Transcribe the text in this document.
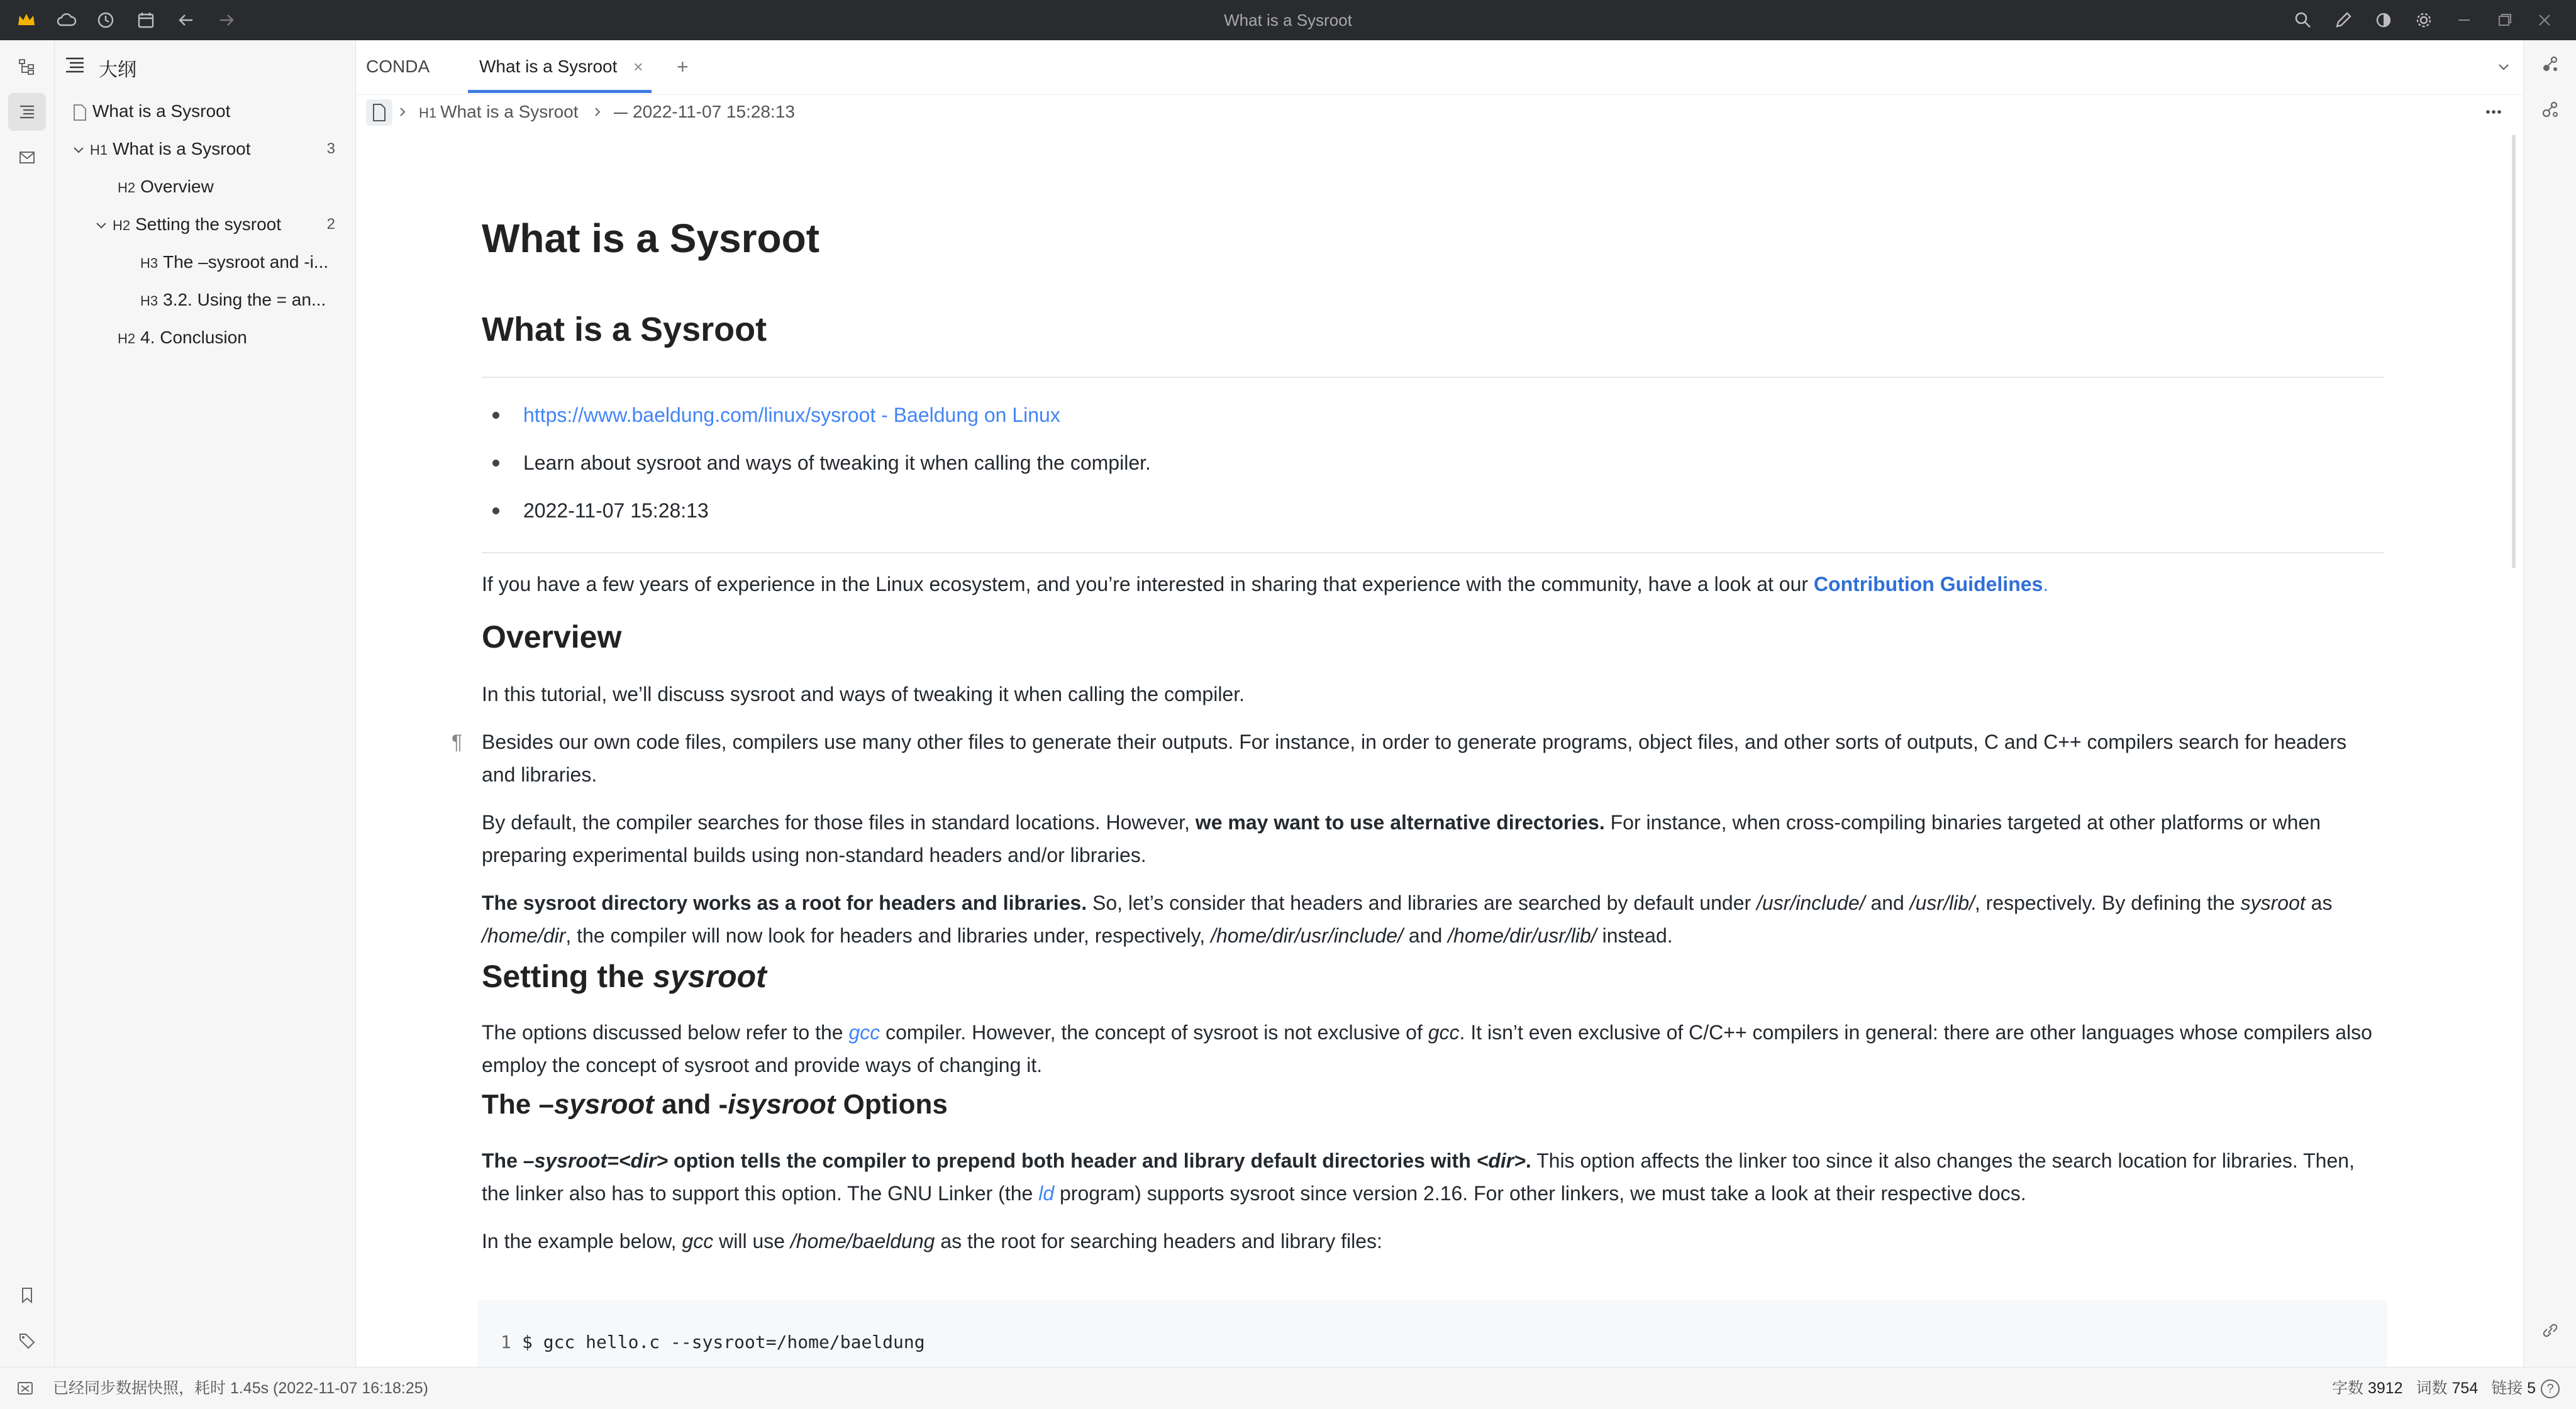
What is a Sysroot
大纲
What is a Sysroot
H1 What is a Sysroot	3
H2 Overview
H2 Setting the sysroot	2
H3 The –sysroot and -i...
H3 3.2. Using the = an...
H2 4. Conclusion
CONDA	What is a Sysroot ×	+
H1 What is a Sysroot	2022-11-07 15:28:13
What is a Sysroot
What is a Sysroot
https://www.baeldung.com/linux/sysroot - Baeldung on Linux
Learn about sysroot and ways of tweaking it when calling the compiler.
2022-11-07 15:28:13
If you have a few years of experience in the Linux ecosystem, and you’re interested in sharing that experience with the community, have a look at our Contribution Guidelines.
Overview
In this tutorial, we’ll discuss sysroot and ways of tweaking it when calling the compiler.
¶ Besides our own code files, compilers use many other files to generate their outputs. For instance, in order to generate programs, object files, and other sorts of outputs, C and C++ compilers search for headers and libraries.
By default, the compiler searches for those files in standard locations. However, we may want to use alternative directories. For instance, when cross-compiling binaries targeted at other platforms or when preparing experimental builds using non-standard headers and/or libraries.
The sysroot directory works as a root for headers and libraries. So, let’s consider that headers and libraries are searched by default under /usr/include/ and /usr/lib/, respectively. By defining the sysroot as /home/dir, the compiler will now look for headers and libraries under, respectively, /home/dir/usr/include/ and /home/dir/usr/lib/ instead.
Setting the sysroot
The options discussed below refer to the gcc compiler. However, the concept of sysroot is not exclusive of gcc. It isn’t even exclusive of C/C++ compilers in general: there are other languages whose compilers also employ the concept of sysroot and provide ways of changing it.
The –sysroot and -isysroot Options
The –sysroot=<dir> option tells the compiler to prepend both header and library default directories with <dir>. This option affects the linker too since it also changes the search location for libraries. Then, the linker also has to support this option. The GNU Linker (the ld program) supports sysroot since version 2.16. For other linkers, we must take a look at their respective docs.
In the example below, gcc will use /home/baeldung as the root for searching headers and library files:
1 $ gcc hello.c --sysroot=/home/baeldung
已经同步数据快照，耗时 1.45s (2022-11-07 16:18:25)	字数 3912 词数 754 链接 5 ?
